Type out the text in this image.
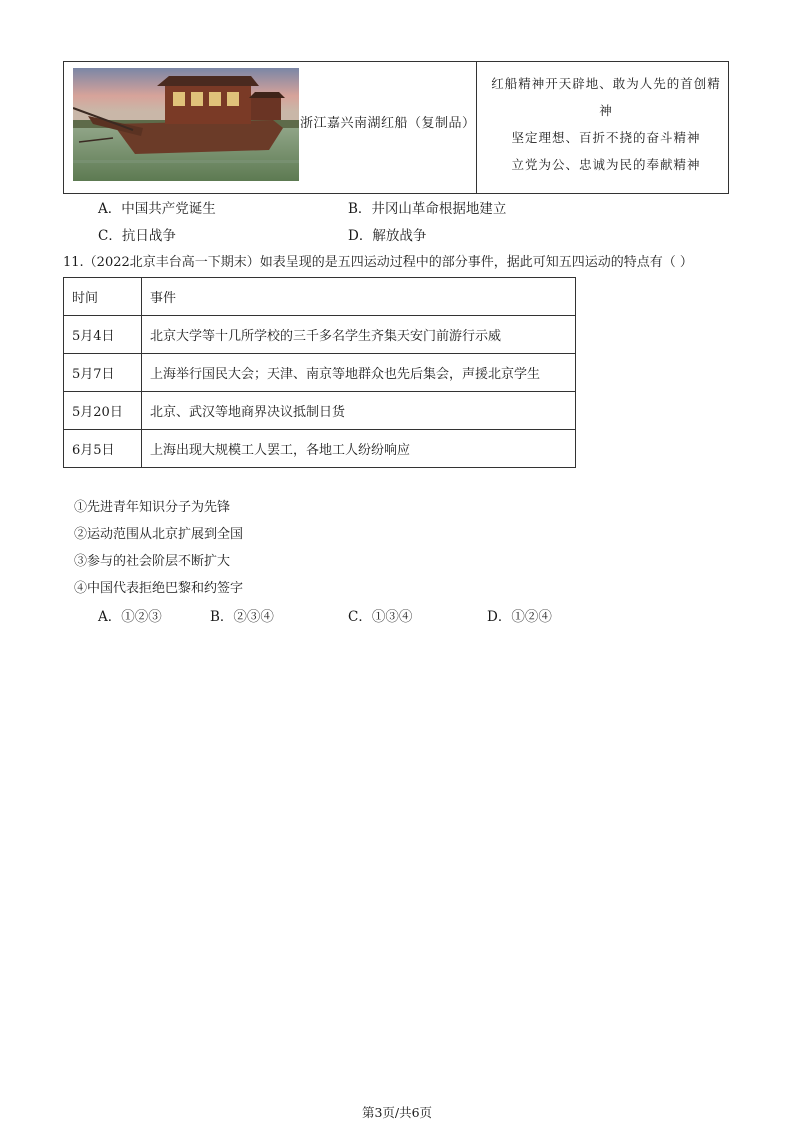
浙江嘉兴南湖红船（复制品）
红船精神开天辟地、敢为人先的首创精
神
坚定理想、百折不挠的奋斗精神
立党为公、忠诚为民的奉献精神
A．中国共产党诞生	B．井冈山革命根据地建立
C．抗日战争	D．解放战争
11.（2022北京丰台高一下期末）如表呈现的是五四运动过程中的部分事件，据此可知五四运动的特点有（ ）
时间	事件
5月4日	北京大学等十几所学校的三千多名学生齐集天安门前游行示威
5月7日	上海举行国民大会；天津、南京等地群众也先后集会，声援北京学生
5月20日	北京、武汉等地商界决议抵制日货
6月5日	上海出现大规模工人罢工，各地工人纷纷响应
①先进青年知识分子为先锋
②运动范围从北京扩展到全国
③参与的社会阶层不断扩大
④中国代表拒绝巴黎和约签字
A．①②③	B．②③④	C．①③④	D．①②④
第3页/共6页
